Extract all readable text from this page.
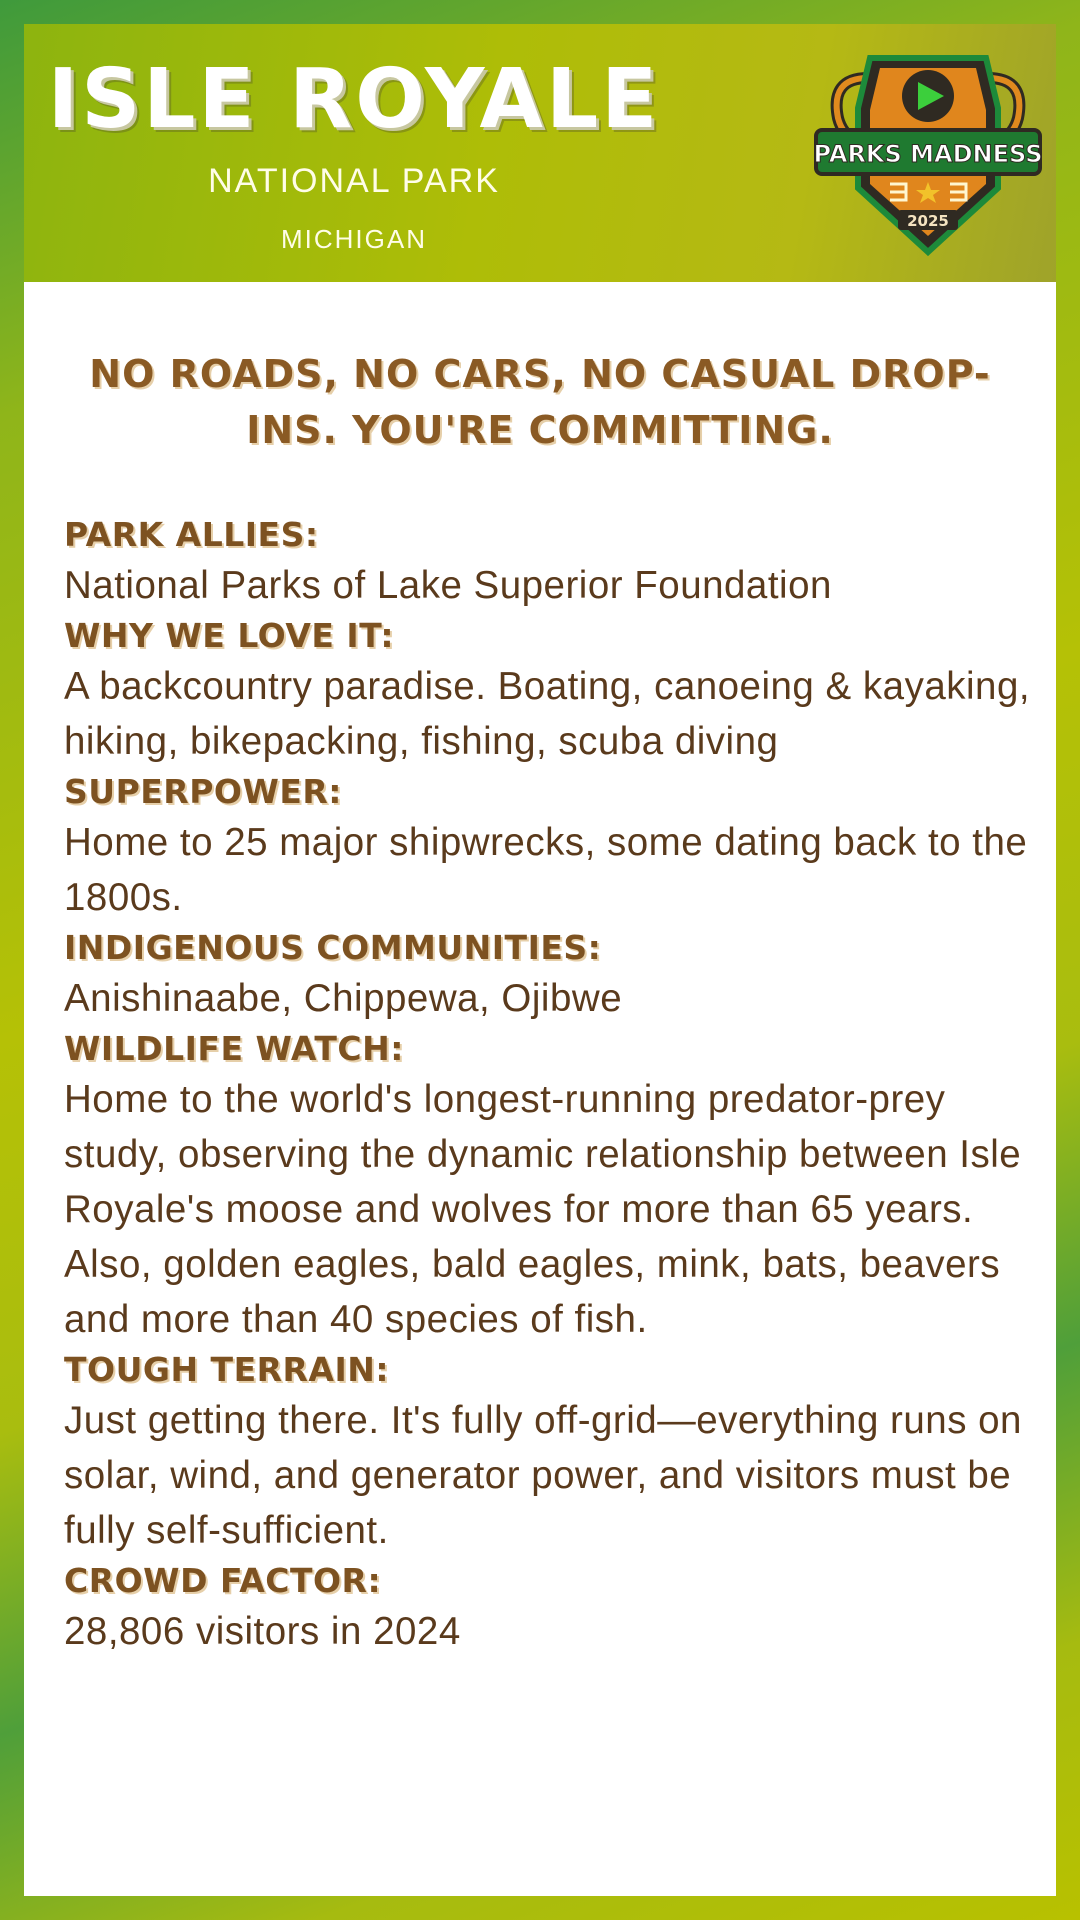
ISLE ROYALE
NATIONAL PARK
MICHIGAN
PARKS MADNESS
2025
NO ROADS, NO CARS, NO CASUAL DROP-INS. YOU'RE COMMITTING.
PARK ALLIES:
National Parks of Lake Superior Foundation
WHY WE LOVE IT:
A backcountry paradise. Boating, canoeing & kayaking, hiking, bikepacking, fishing, scuba diving
SUPERPOWER:
Home to 25 major shipwrecks, some dating back to the 1800s.
INDIGENOUS COMMUNITIES:
Anishinaabe, Chippewa, Ojibwe
WILDLIFE WATCH:
Home to the world's longest-running predator-prey study, observing the dynamic relationship between Isle Royale's moose and wolves for more than 65 years. Also, golden eagles, bald eagles, mink, bats, beavers and more than 40 species of fish.
TOUGH TERRAIN:
Just getting there. It's fully off-grid—everything runs on solar, wind, and generator power, and visitors must be fully self-sufficient.
CROWD FACTOR:
28,806 visitors in 2024
